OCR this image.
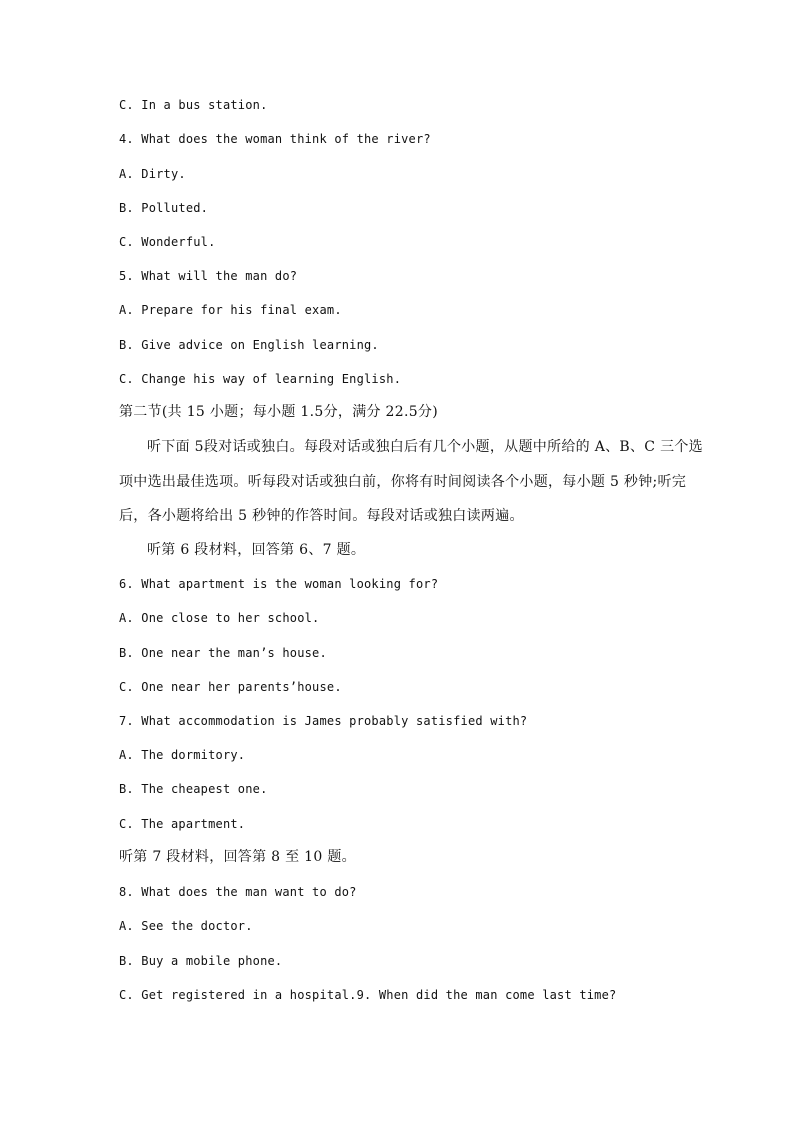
C. In a bus station.
4. What does the woman think of the river?
A. Dirty.
B. Polluted.
C. Wonderful.
5. What will the man do?
A. Prepare for his final exam.
B. Give advice on English learning.
C. Change his way of learning English.
第二节(共 15 小题；每小题 1.5分，满分 22.5分)
听下面 5段对话或独白。每段对话或独白后有几个小题，从题中所给的 A、B、C 三个选
项中选出最佳选项。听每段对话或独白前，你将有时间阅读各个小题，每小题 5 秒钟;听完
后，各小题将给出 5 秒钟的作答时间。每段对话或独白读两遍。
听第 6 段材料，回答第 6、7 题。
6. What apartment is the woman looking for?
A. One close to her school.
B. One near the man’s house.
C. One near her parents’house.
7. What accommodation is James probably satisfied with?
A. The dormitory.
B. The cheapest one.
C. The apartment.
听第 7 段材料，回答第 8 至 10 题。
8. What does the man want to do?
A. See the doctor.
B. Buy a mobile phone.
C. Get registered in a hospital.9. When did the man come last time?
